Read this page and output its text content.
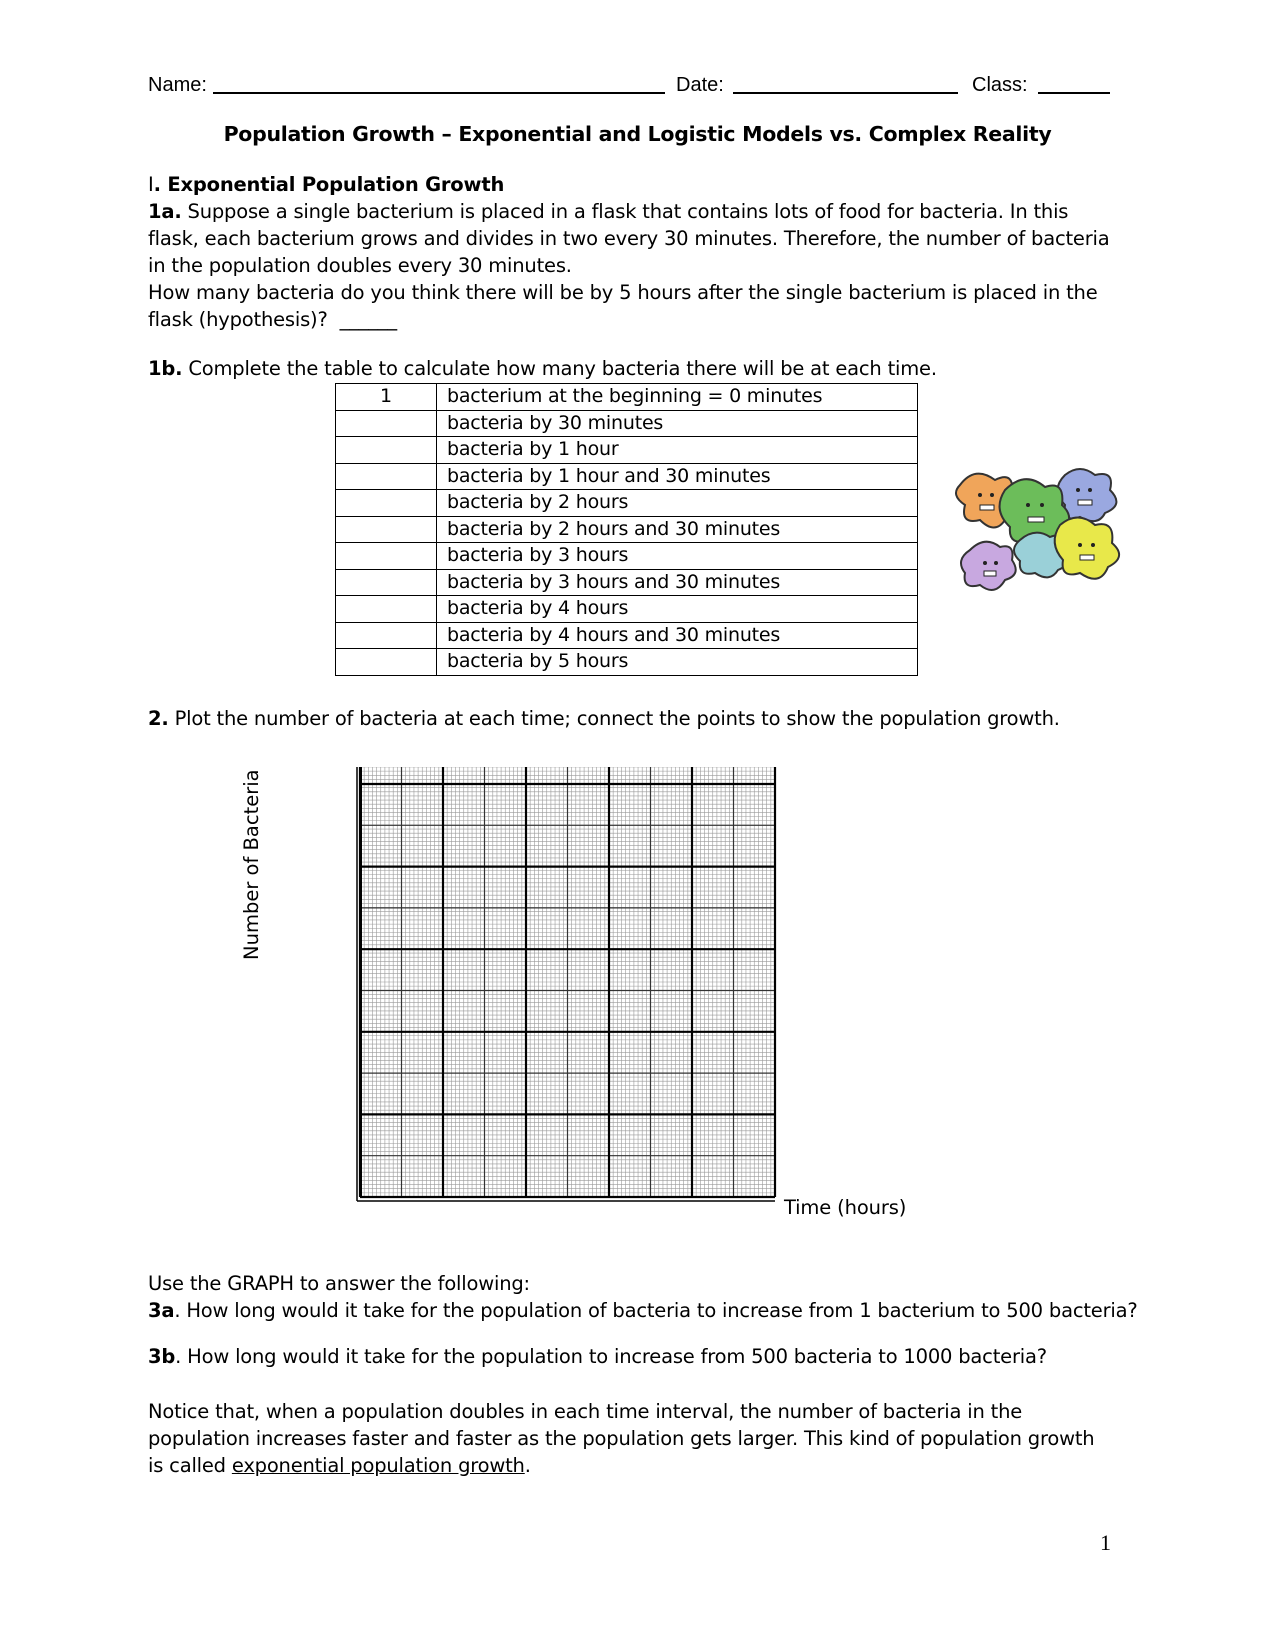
Name:	Date:	Class:
Population Growth – Exponential and Logistic Models vs. Complex Reality
I. Exponential Population Growth
1a. Suppose a single bacterium is placed in a flask that contains lots of food for bacteria. In this flask, each bacterium grows and divides in two every 30 minutes. Therefore, the number of bacteria in the population doubles every 30 minutes.
How many bacteria do you think there will be by 5 hours after the single bacterium is placed in the flask (hypothesis)? ______
1b. Complete the table to calculate how many bacteria there will be at each time.
1	bacterium at the beginning = 0 minutes
	bacteria by 30 minutes
	bacteria by 1 hour
	bacteria by 1 hour and 30 minutes
	bacteria by 2 hours
	bacteria by 2 hours and 30 minutes
	bacteria by 3 hours
	bacteria by 3 hours and 30 minutes
	bacteria by 4 hours
	bacteria by 4 hours and 30 minutes
	bacteria by 5 hours
2. Plot the number of bacteria at each time; connect the points to show the population growth.
Number of Bacteria
Time (hours)
Use the GRAPH to answer the following:
3a. How long would it take for the population of bacteria to increase from 1 bacterium to 500 bacteria?
3b. How long would it take for the population to increase from 500 bacteria to 1000 bacteria?
Notice that, when a population doubles in each time interval, the number of bacteria in the population increases faster and faster as the population gets larger. This kind of population growth is called exponential population growth.
1
